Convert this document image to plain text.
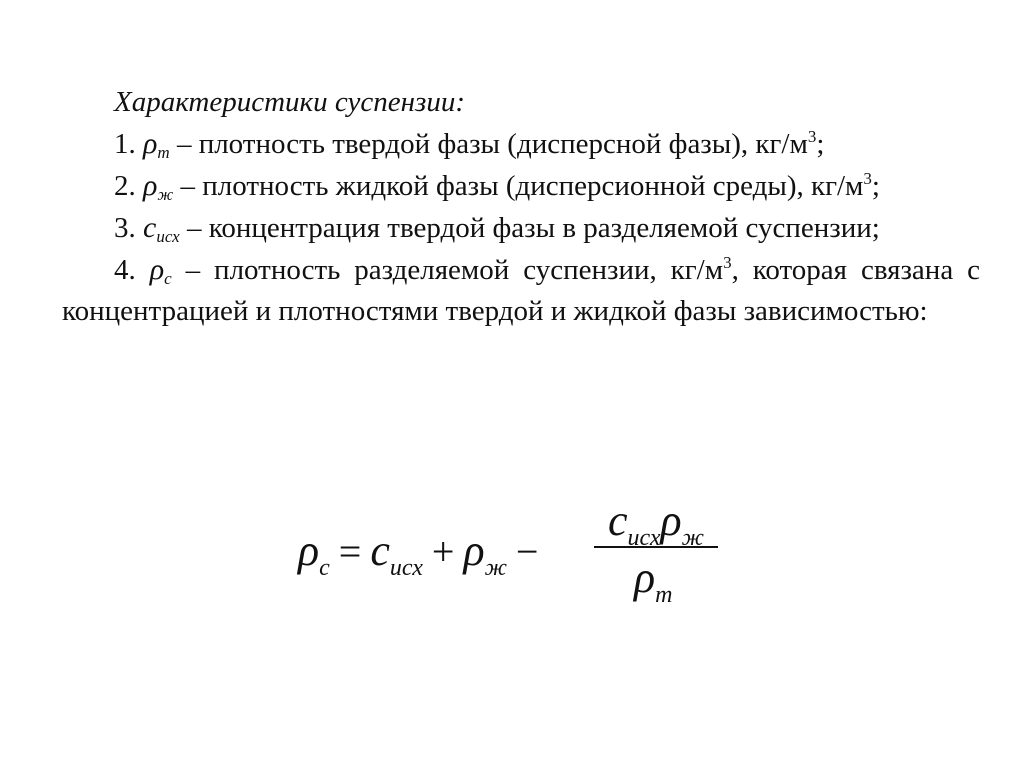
Характеристики суспензии:
1. $\rho_т$ – плотность твердой фазы (дисперсной фазы), $кг/м^3$;
2. $\rho_ж$ – плотность жидкой фазы (дисперсионной среды), $кг/м^3$;
3. $с_{исх}$ – концентрация твердой фазы в разделяемой суспензии;
4. $\rho_с$ – плотность разделяемой суспензии, $кг/м^3$, которая связана с концентрацией и плотностями твердой и жидкой фазы зависимостью:
ρс = cисх + ρж −
cисхρж
ρт
